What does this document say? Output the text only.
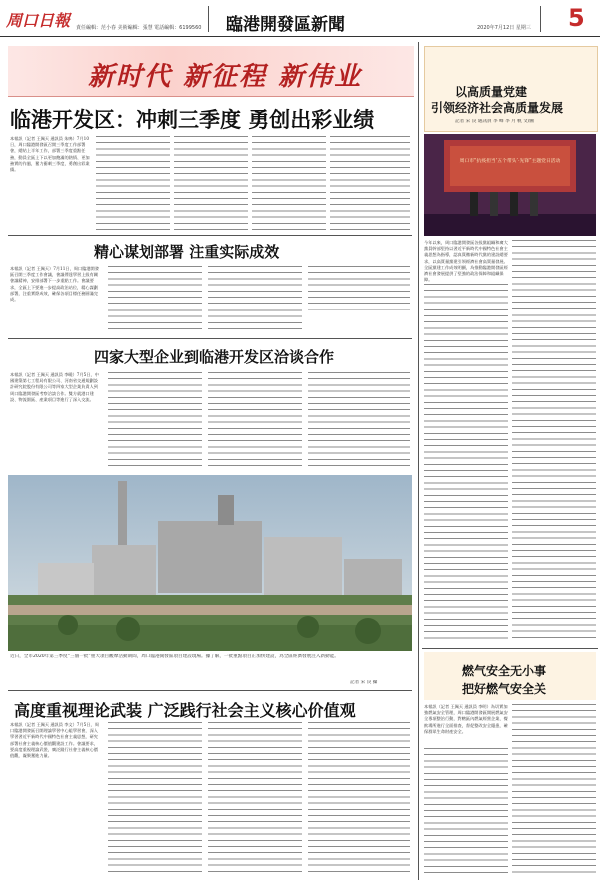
周口日報 責任編輯：范小春 美術編輯：張慧 電話編輯：6199560 臨港開發區新聞	2020年7月12日 星期三 5
新时代 新征程 新伟业
临港开发区：冲刺三季度 勇创出彩业绩
本報訊（記者 王佩天 通訊員 朱鳴）7月10日，周口臨港開發區召開三季度工作部署會，總結上半年工作，部署三季度重點任務，動員全區上下以更加飽滿的熱情、更加務實的作風，奮力衝刺三季度，勇創出彩業績。
精心谋划部署 注重实际成效
本報訊（記者 王佩天）7月11日，周口臨港開發區召開三季度工作會議，會議傳達學習上級有關會議精神，安排部署下一步重點工作。會議要求，全區上下要進一步提高政治站位，精心謀劃部署，注重實際成效，確保各項目標任務圓滿完成。
四家大型企业到临港开发区洽谈合作
本報訊（記者 王佩天 通訊員 李曉）7月5日，中國建築第七工程局有限公司、河南省交通規劃設計研究院股份有限公司等四家大型企業負責人到周口臨港開發區考察洽談合作。雙方就港口建設、物流園區、產業項目等進行了深入交流。
近日，全市2020年第三季度“三個一批”重大項目觀摩活動期間，周口臨港開發區項目建設現場。據了解，一批重點項目正加快建設，為全區經濟發展注入新動能。
記者 宋 艮 攝
高度重视理论武装 广泛践行社会主义核心价值观
本報訊（記者 王佩天 通訊員 李文）7月5日，周口臨港開發區召開理論學習中心組學習會，深入學習習近平新時代中國特色社會主義思想，研究部署社會主義核心價值觀建設工作。會議要求，要高度重視理論武裝，廣泛踐行社會主義核心價值觀，凝聚奮進力量。
以高质量党建
引领经济社会高质量发展
記者 宋 艮 通訊員 李 峰 李 月 帆 文/圖
周口市“抗疫担当‘五个带头’·先锋”主题党日活动
今年以來，周口臨港開發區各級黨組織和廣大黨員幹部堅持以習近平新時代中國特色社會主義思想為指導，認真貫徹新時代黨的建設總要求，以高質量黨建引領經濟社會高質量發展。全區黨建工作成效明顯，為推動臨港開發區經濟社會發展提供了堅強的政治保障和組織保障。
燃气安全无小事
把好燃气安全关
本報訊（記者 王佩天 通訊員 李明）為切實加強燃氣安全管理，周口臨港開發區開展燃氣安全專項整治行動，對轄區內燃氣經營企業、餐飲場所進行全面排查，督促整改安全隱患，確保群眾生命財產安全。
